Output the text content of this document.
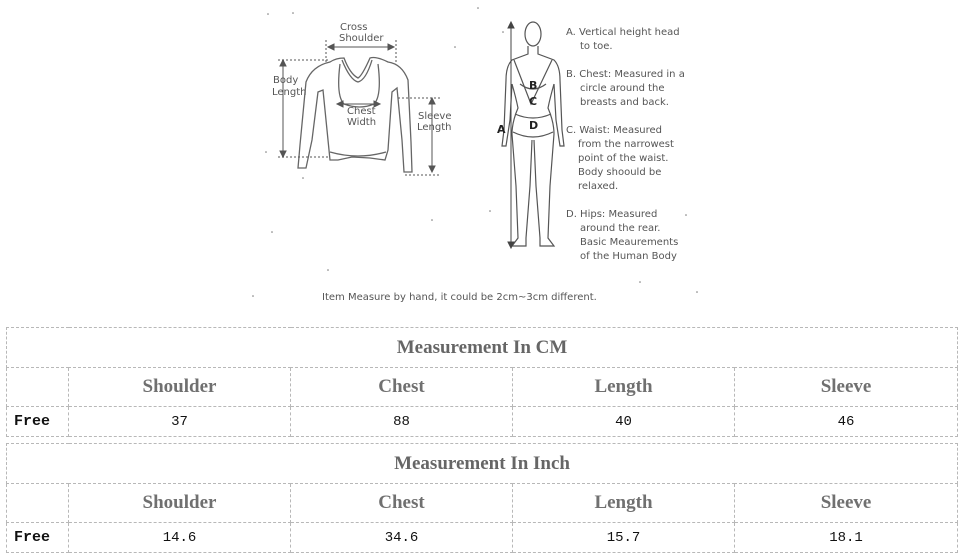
Cross
Shoulder
Body
Length
Chest
Width
Sleeve
Length	A
B
C
D
A. Vertical height head
to toe.
B. Chest: Measured in a
circle around the
breasts and back.
C. Waist: Measured
from the narrowest
point of the waist.
Body shoould be
relaxed.
D. Hips: Measured
around the rear.
Basic Meaurements
of the Human Body
Item Measure by hand, it could be 2cm~3cm different.
Measurement In CM				
	Shoulder	Chest	Length	Sleeve
Free	37	88	40	46
Measurement In Inch				
	Shoulder	Chest	Length	Sleeve
Free	14.6	34.6	15.7	18.1
